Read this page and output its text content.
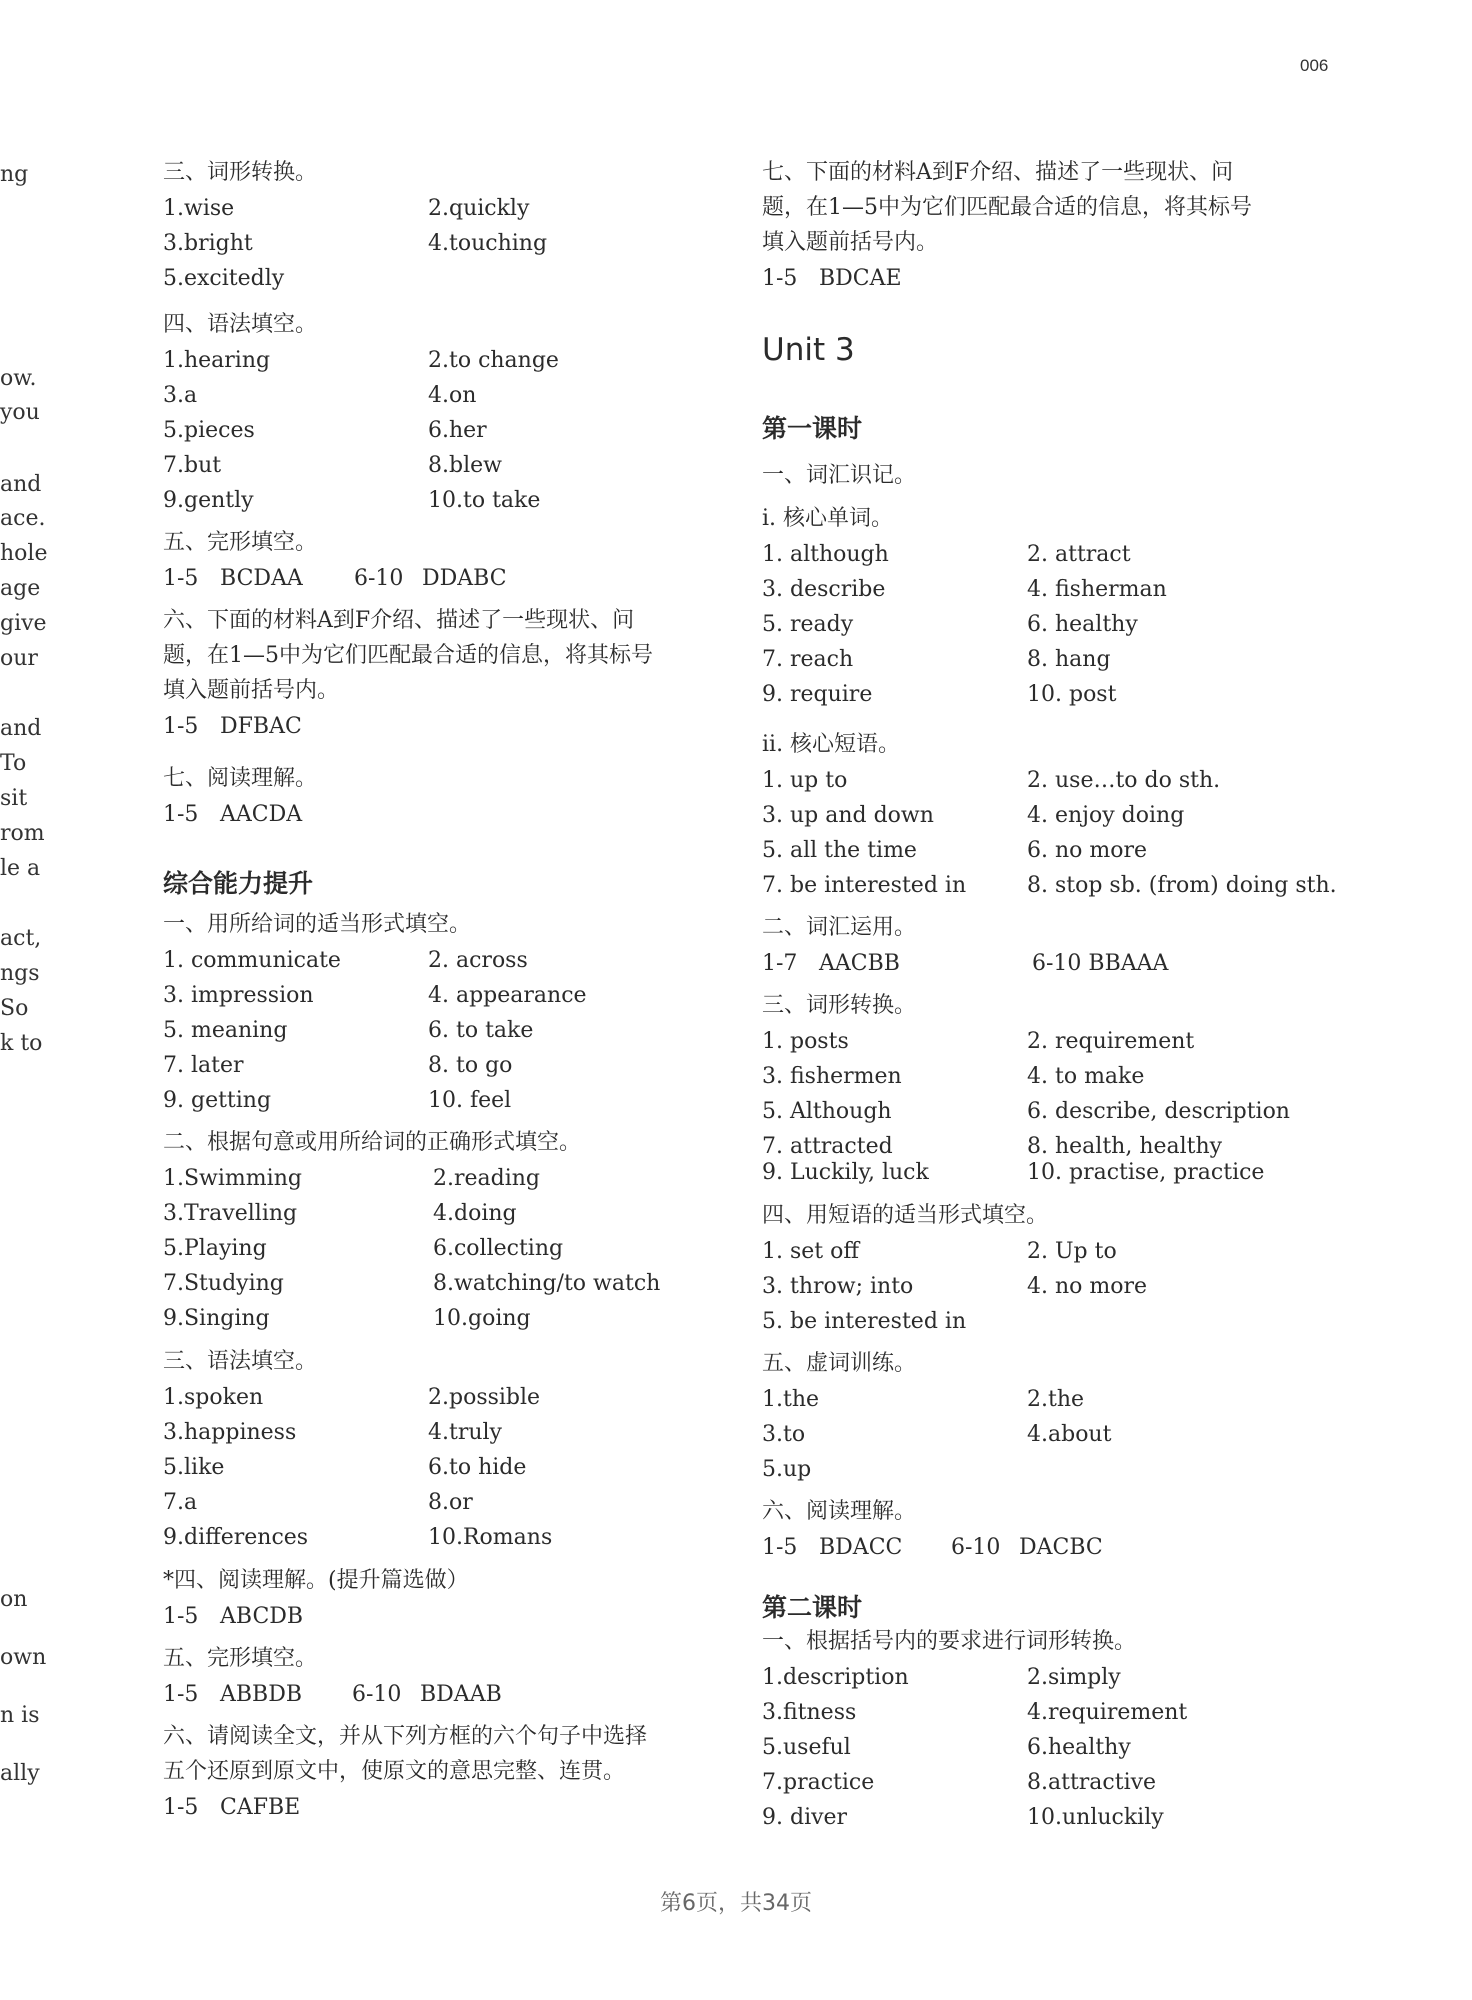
006
ng
ow.
you
and
ace.
hole
age
give
our
and
To
sit
rom
le a
act,
ngs
So
k to
on
own
n is
ally
三、词形转换。
1.wise	2.quickly
3.bright	4.touching
5.excitedly
四、语法填空。
1.hearing	2.to change
3.a	4.on
5.pieces	6.her
7.but	8.blew
9.gently	10.to take
五、完形填空。
1-5 BCDAA 6-10 DDABC
六、下面的材料A到F介绍、描述了一些现状、问
题，在1—5中为它们匹配最合适的信息，将其标号
填入题前括号内。
1-5 DFBAC
七、阅读理解。
1-5 AACDA
综合能力提升
一、用所给词的适当形式填空。
1. communicate	2. across
3. impression	4. appearance
5. meaning	6. to take
7. later	8. to go
9. getting	10. feel
二、根据句意或用所给词的正确形式填空。
1.Swimming	2.reading
3.Travelling	4.doing
5.Playing	6.collecting
7.Studying	8.watching/to watch
9.Singing	10.going
三、语法填空。
1.spoken	2.possible
3.happiness	4.truly
5.like	6.to hide
7.a	8.or
9.differences	10.Romans
*四、阅读理解。(提升篇选做）
1-5 ABCDB
五、完形填空。
1-5 ABBDB 6-10 BDAAB
六、请阅读全文，并从下列方框的六个句子中选择
五个还原到原文中，使原文的意思完整、连贯。
1-5 CAFBE
七、下面的材料A到F介绍、描述了一些现状、问
题，在1—5中为它们匹配最合适的信息，将其标号
填入题前括号内。
1-5 BDCAE
Unit 3
第一课时
一、词汇识记。
i. 核心单词。
1. although	2. attract
3. describe	4. fisherman
5. ready	6. healthy
7. reach	8. hang
9. require	10. post
ii. 核心短语。
1. up to	2. use…to do sth.
3. up and down	4. enjoy doing
5. all the time	6. no more
7. be interested in	8. stop sb. (from) doing sth.
二、词汇运用。
1-7 AACBB	6-10 BBAAA
三、词形转换。
1. posts	2. requirement
3. fishermen	4. to make
5. Although	6. describe, description
7. attracted	8. health, healthy
9. Luckily, luck	10. practise, practice
四、用短语的适当形式填空。
1. set off	2. Up to
3. throw; into	4. no more
5. be interested in
五、虚词训练。
1.the	2.the
3.to	4.about
5.up
六、阅读理解。
1-5 BDACC 6-10 DACBC
第二课时
一、根据括号内的要求进行词形转换。
1.description	2.simply
3.fitness	4.requirement
5.useful	6.healthy
7.practice	8.attractive
9. diver	10.unluckily
第6页，共34页
